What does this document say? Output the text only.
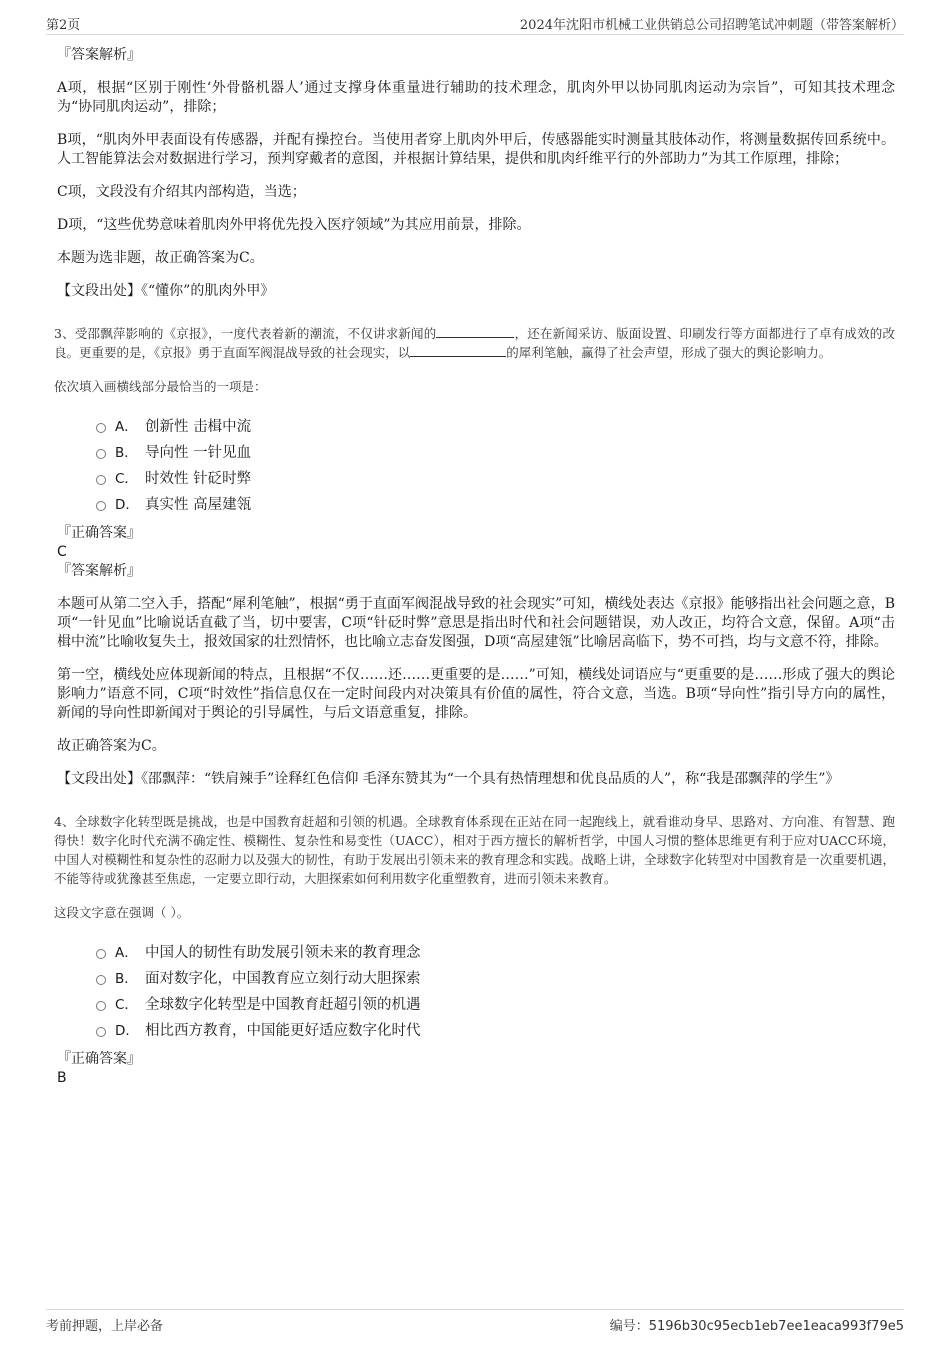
第2页	2024年沈阳市机械工业供销总公司招聘笔试冲刺题（带答案解析）

『答案解析』

A项，根据“区别于刚性‘外骨骼机器人’通过支撑身体重量进行辅助的技术理念，肌肉外甲以协同肌肉运动为宗旨”，可知其技术理念为“协同肌肉运动”，排除；

B项，“肌肉外甲表面设有传感器，并配有操控台。当使用者穿上肌肉外甲后，传感器能实时测量其肢体动作，将测量数据传回系统中。人工智能算法会对数据进行学习，预判穿戴者的意图，并根据计算结果，提供和肌肉纤维平行的外部助力”为其工作原理，排除；

C项，文段没有介绍其内部构造，当选；

D项，“这些优势意味着肌肉外甲将优先投入医疗领域”为其应用前景，排除。

本题为选非题，故正确答案为C。

【文段出处】《“懂你”的肌肉外甲》

3、受邵飘萍影响的《京报》，一度代表着新的潮流，不仅讲求新闻的	，还在新闻采访、版面设置、印刷发行等方面都进行了卓有成效的改良。更重要的是，《京报》勇于直面军阀混战导致的社会现实，以	的犀利笔触，赢得了社会声望，形成了强大的舆论影响力。

依次填入画横线部分最恰当的一项是：

A． 创新性 击楫中流
B． 导向性 一针见血
C． 时效性 针砭时弊
D． 真实性 高屋建瓴

『正确答案』

C

『答案解析』

本题可从第二空入手，搭配“犀利笔触”，根据“勇于直面军阀混战导致的社会现实”可知，横线处表达《京报》能够指出社会问题之意，B项“一针见血”比喻说话直截了当，切中要害，C项“针砭时弊”意思是指出时代和社会问题错误，劝人改正，均符合文意，保留。A项“击楫中流”比喻收复失土，报效国家的壮烈情怀，也比喻立志奋发图强，D项“高屋建瓴”比喻居高临下，势不可挡，均与文意不符，排除。

第一空，横线处应体现新闻的特点，且根据“不仅……还……更重要的是……”可知，横线处词语应与“更重要的是……形成了强大的舆论影响力”语意不同，C项“时效性”指信息仅在一定时间段内对决策具有价值的属性，符合文意，当选。B项“导向性”指引导方向的属性，新闻的导向性即新闻对于舆论的引导属性，与后文语意重复，排除。

故正确答案为C。

【文段出处】《邵飘萍：“铁肩辣手”诠释红色信仰 毛泽东赞其为“一个具有热情理想和优良品质的人”，称“我是邵飘萍的学生”》

4、全球数字化转型既是挑战，也是中国教育赶超和引领的机遇。全球教育体系现在正站在同一起跑线上，就看谁动身早、思路对、方向准、有智慧、跑得快！数字化时代充满不确定性、模糊性、复杂性和易变性（UACC），相对于西方擅长的解析哲学，中国人习惯的整体思维更有利于应对UACC环境，中国人对模糊性和复杂性的忍耐力以及强大的韧性，有助于发展出引领未来的教育理念和实践。战略上讲，全球数字化转型对中国教育是一次重要机遇，不能等待或犹豫甚至焦虑，一定要立即行动，大胆探索如何利用数字化重塑教育，进而引领未来教育。

这段文字意在强调（ ）。

A． 中国人的韧性有助发展引领未来的教育理念
B． 面对数字化，中国教育应立刻行动大胆探索
C． 全球数字化转型是中国教育赶超引领的机遇
D． 相比西方教育，中国能更好适应数字化时代

『正确答案』

B

考前押题，上岸必备	编号：5196b30c95ecb1eb7ee1eaca993f79e5
